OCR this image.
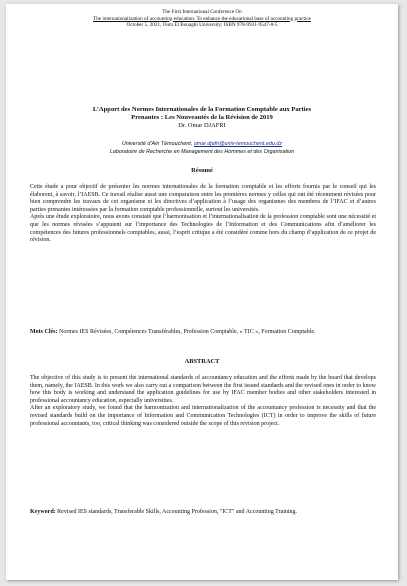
The First International Conference On
The internationalization of accounting education: To enhance the educational base of accounting practice
October 5, 2021, Oum El Bouaghi University; ISBN 978-9931-9547-0-5
L’Apport des Normes Internationales de la Formation Comptable aux Parties
Prenantes : Les Nouveautés de la Révision de 2019
Dr. Omar DJAFRI
Université d’Ain Témouchent, omar.djafri@univ-temouchent.edu.dz
Laboratoire de Recherche en Management des Hommes et des Organisation
Résumé

Cette étude a pour objectif de présenter les normes internationales de la formation comptable et les efforts fournis par le conseil qui les élaborent, à savoir, l’IAESB. Ce travail réalise aussi une comparaison entre les premières normes y celles qui ont été récemment révisées pour bien comprendre les travaux de cet organisme et les directives d’application à l’usage des organismes des membres de l’IFAC et d’autres parties prenantes intéressées par la formation comptable professionnelle, surtout les universités.

Après une étude exploratoire, nous avons constaté que l’harmonisation et l’internationalisation de la profession comptable sont une nécessité et que les normes révisées s’appuient sur l’importance des Technologies de l’Information et des Communications afin d’améliorer les compétences des futures professionnels comptables, aussi, l’esprit critique a été considéré comme hors du champ d’application de ce projet de révision.

Mots Clés: Normes IES Révisées, Compétences Transférables, Profession Comptable, « TIC », Formation Comptable.
ABSTRACT

The objective of this study is to present the international standards of accountancy education and the efforts made by the board that develops them, namely, the IAESB. In this work we also carry out a comparison between the first issued standards and the revised ones in order to know how this body is working and understand the application guidelines for use by IFAC member bodies and other stakeholders interested in professional accountancy education, especially universities.

After an exploratory study, we found that the harmonization and internationalization of the accountancy profession is necessity and that the revised standards build on the importance of Information and Communication Technologies (ICT) in order to improve the skills of future professional accountants, too, critical thinking was considered outside the scope of this revision project.

Keyword: Revised IES standards, Transferable Skills, Accounting Profession, "ICT" and Accounting Training.
